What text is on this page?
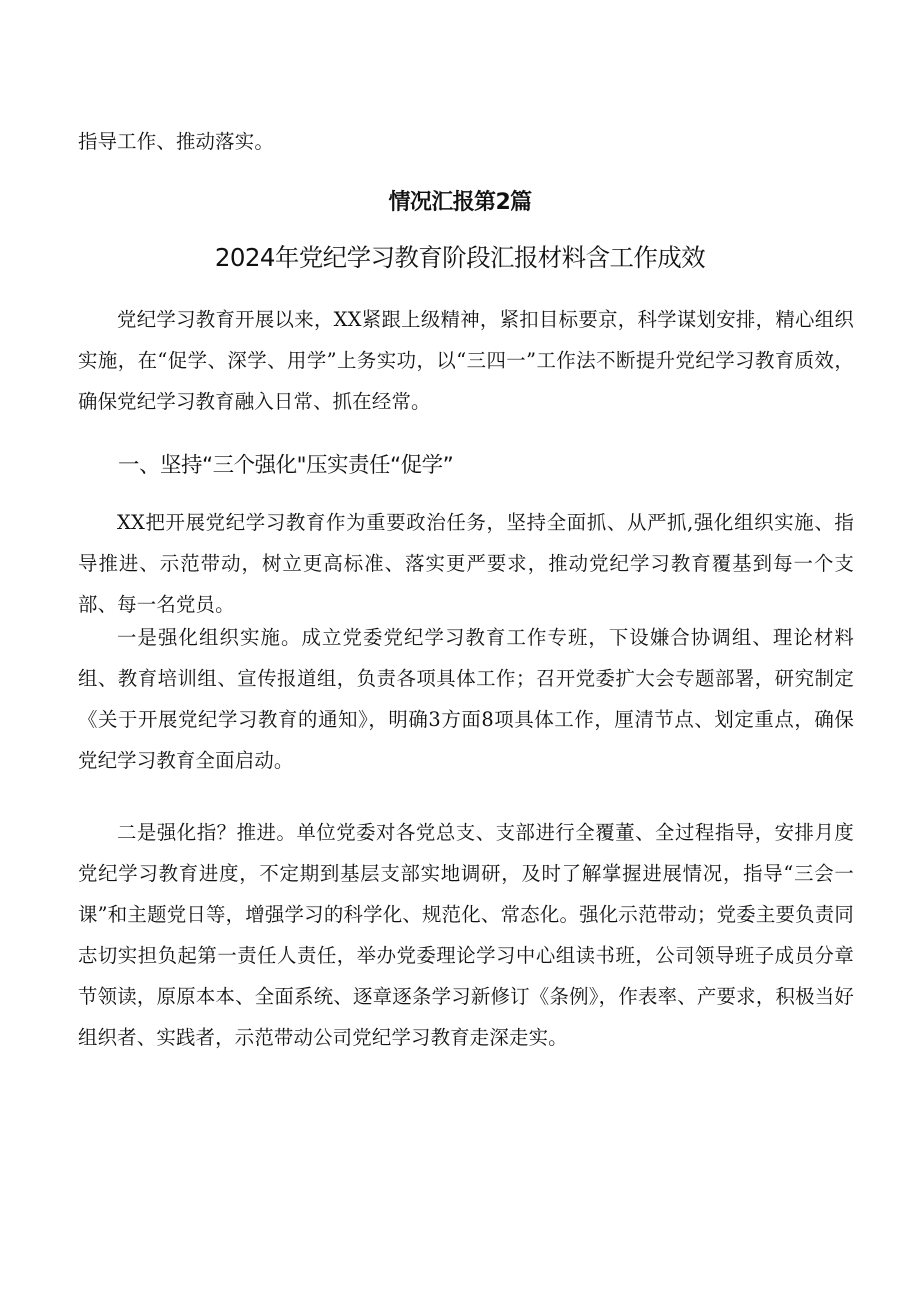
指导工作、推动落实。

情况汇报第2篇
2024年党纪学习教育阶段汇报材料含工作成效

党纪学习教育开展以来，XX紧跟上级精神，紧扣目标要京，科学谋划安排，精心组织实施，在“促学、深学、用学”上务实功，以“三四一”工作法不断提升党纪学习教育质效，确保党纪学习教育融入日常、抓在经常。

一、坚持“三个强化"压实责任“促学”

XX把开展党纪学习教育作为重要政治任务，坚持全面抓、从严抓,强化组织实施、指导推进、示范带动，树立更高标准、落实更严要求，推动党纪学习教育覆基到每一个支部、每一名党员。

一是强化组织实施。成立党委党纪学习教育工作专班，下设嫌合协调组、理论材料组、教育培训组、宣传报道组，负责各项具体工作；召开党委扩大会专题部署，研究制定《关于开展党纪学习教育的通知》，明确3方面8项具体工作，厘清节点、划定重点，确保党纪学习教育全面启动。

二是强化指？推进。单位党委对各党总支、支部进行全覆董、全过程指导，安排月度党纪学习教育进度，不定期到基层支部实地调研，及时了解掌握进展情况，指导“三会一课”和主题党日等，增强学习的科学化、规范化、常态化。强化示范带动；党委主要负责同志切实担负起第一责任人责任，举办党委理论学习中心组读书班，公司领导班子成员分章节领读，原原本本、全面系统、逐章逐条学习新修订《条例》，作表率、产要求，积极当好组织者、实践者，示范带动公司党纪学习教育走深走实。
